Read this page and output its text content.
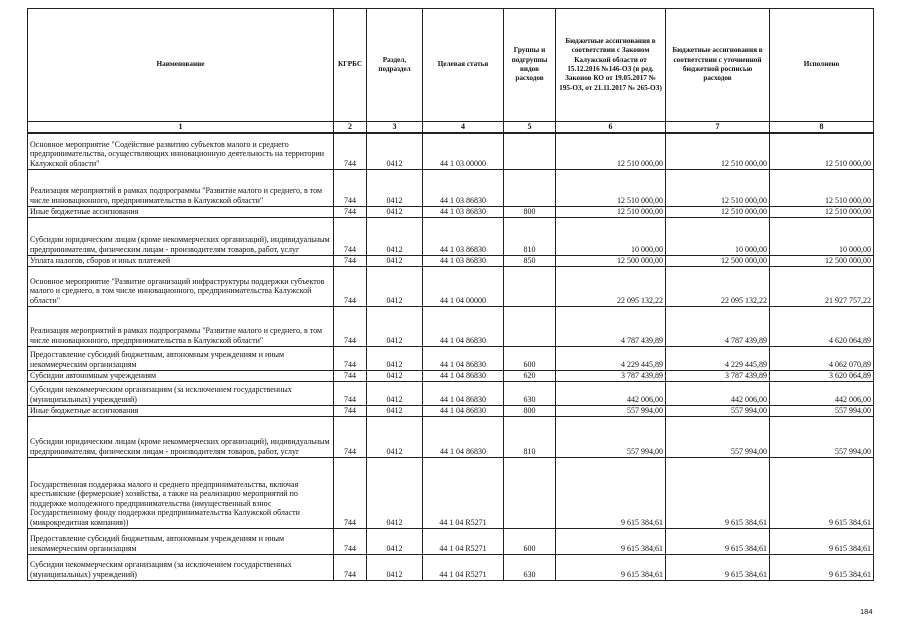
Наименование	КГРБС	Раздел, подраздел	Целевая статья	Группы и подгруппы видов расходов	Бюджетные ассигнования в соответствии с Законом Калужской области от 15.12.2016 №146-ОЗ (в ред. Законов КО от 19.05.2017 № 195-ОЗ, от 21.11.2017 № 265-ОЗ)	Бюджетные ассигнования в соответствии с уточненной бюджетной росписью расходов	Исполнено
1	2	3	4	5	6	7	8
Основное мероприятие "Содействие развитию субъектов малого и среднего предпринимательства, осуществляющих инновационную деятельность на территории Калужской области"	744	0412	44 1 03 00000		12 510 000,00	12 510 000,00	12 510 000,00
Реализация мероприятий в рамках подпрограммы "Развитие малого и среднего, в том числе инновационного, предпринимательства в Калужской области"	744	0412	44 1 03 86830		12 510 000,00	12 510 000,00	12 510 000,00
Иные бюджетные ассигнования	744	0412	44 1 03 86830	800	12 510 000,00	12 510 000,00	12 510 000,00
Субсидии юридическим лицам (кроме некоммерческих организаций), индивидуальным предпринимателям, физическим лицам - производителям товаров, работ, услуг	744	0412	44 1 03 86830	810	10 000,00	10 000,00	10 000,00
Уплата налогов, сборов и иных платежей	744	0412	44 1 03 86830	850	12 500 000,00	12 500 000,00	12 500 000,00
Основное мероприятие "Развитие организаций инфраструктуры поддержки субъектов малого и среднего, в том числе инновационного, предпринимательства Калужской области"	744	0412	44 1 04 00000		22 095 132,22	22 095 132,22	21 927 757,22
Реализация мероприятий в рамках подпрограммы "Развитие малого и среднего, в том числе инновационного, предпринимательства в Калужской области"	744	0412	44 1 04 86830		4 787 439,89	4 787 439,89	4 620 064,89
Предоставление субсидий бюджетным, автономным учреждениям и иным некоммерческим организациям	744	0412	44 1 04 86830	600	4 229 445,89	4 229 445,89	4 062 070,89
Субсидии автономным учреждениям	744	0412	44 1 04 86830	620	3 787 439,89	3 787 439,89	3 620 064,89
Субсидии некоммерческим организациям (за исключением государственных (муниципальных) учреждений)	744	0412	44 1 04 86830	630	442 006,00	442 006,00	442 006,00
Иные бюджетные ассигнования	744	0412	44 1 04 86830	800	557 994,00	557 994,00	557 994,00
Субсидии юридическим лицам (кроме некоммерческих организаций), индивидуальным предпринимателям, физическим лицам - производителям товаров, работ, услуг	744	0412	44 1 04 86830	810	557 994,00	557 994,00	557 994,00
Государственная поддержка малого и среднего предпринимательства, включая крестьянские (фермерские) хозяйства, а также на реализацию мероприятий по поддержке молодежного предпринимательства (имущественный взнос Государственному фонду поддержки предпринимательства Калужской области (микрокредитная компания))	744	0412	44 1 04 R5271		9 615 384,61	9 615 384,61	9 615 384,61
Предоставление субсидий бюджетным, автономным учреждениям и иным некоммерческим организациям	744	0412	44 1 04 R5271	600	9 615 384,61	9 615 384,61	9 615 384,61
Субсидии некоммерческим организациям (за исключением государственных (муниципальных) учреждений)	744	0412	44 1 04 R5271	630	9 615 384,61	9 615 384,61	9 615 384,61
184
